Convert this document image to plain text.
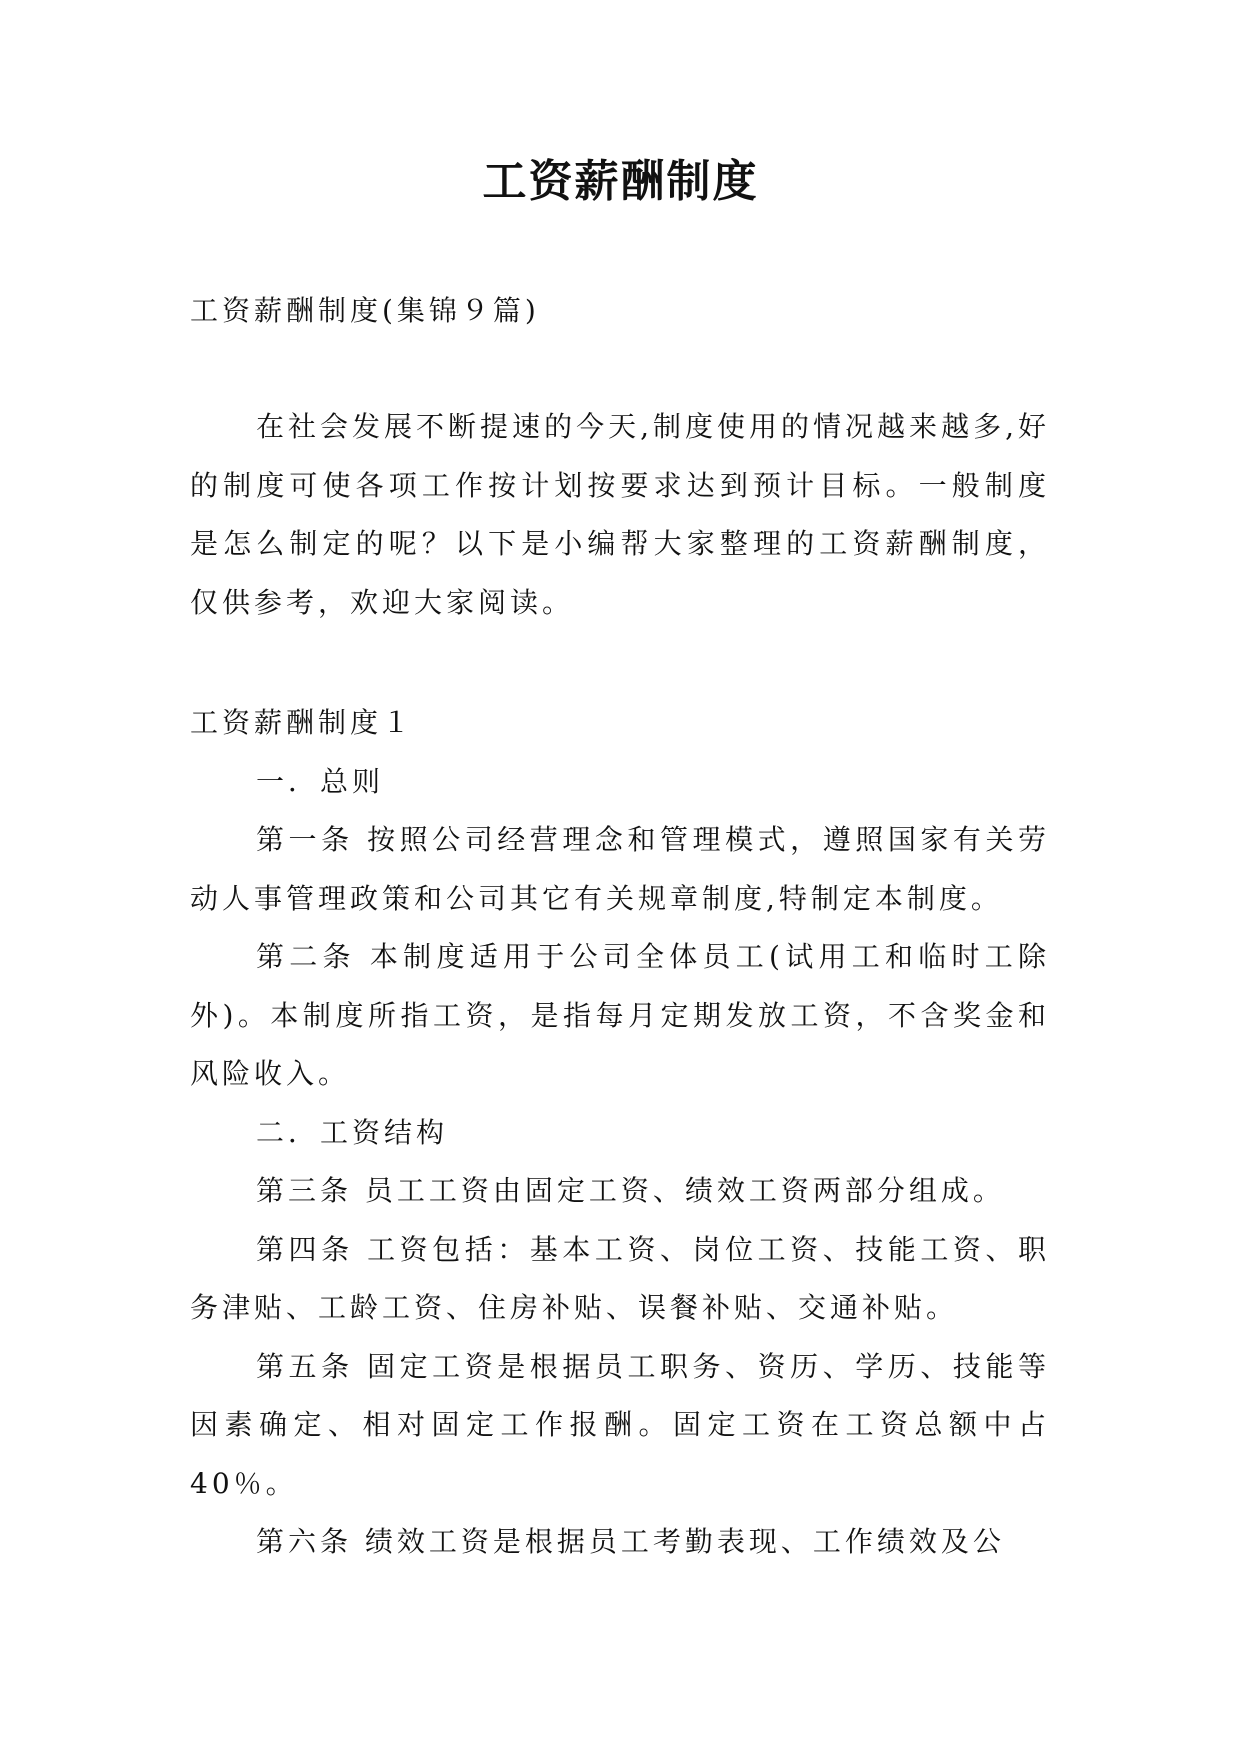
工资薪酬制度

工资薪酬制度(集锦９篇)

在社会发展不断提速的今天,制度使用的情况越来越多,好的制度可使各项工作按计划按要求达到预计目标。一般制度是怎么制定的呢？以下是小编帮大家整理的工资薪酬制度，仅供参考，欢迎大家阅读。

工资薪酬制度１

一．总则

第一条 按照公司经营理念和管理模式，遵照国家有关劳动人事管理政策和公司其它有关规章制度,特制定本制度。

第二条 本制度适用于公司全体员工(试用工和临时工除外)。本制度所指工资，是指每月定期发放工资，不含奖金和风险收入。

二．工资结构

第三条 员工工资由固定工资、绩效工资两部分组成。

第四条 工资包括：基本工资、岗位工资、技能工资、职务津贴、工龄工资、住房补贴、误餐补贴、交通补贴。

第五条 固定工资是根据员工职务、资历、学历、技能等因素确定、相对固定工作报酬。固定工资在工资总额中占40％。

第六条 绩效工资是根据员工考勤表现、工作绩效及公
